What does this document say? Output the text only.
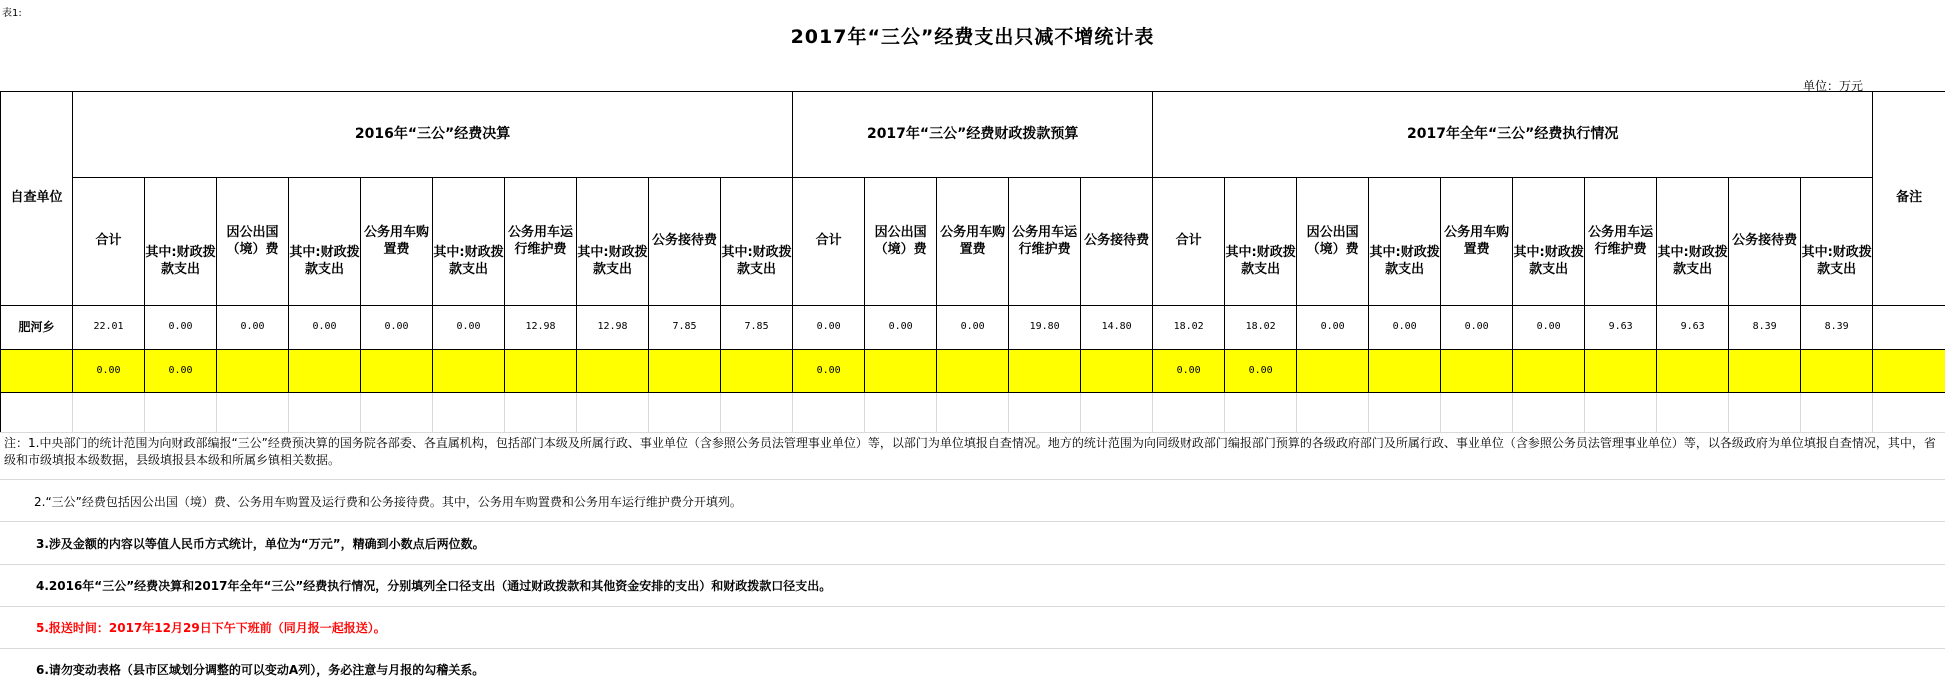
表1:
2017年“三公”经费支出只减不增统计表
单位：万元
自查单位	2016年“三公”经费决算										2017年“三公”经费财政拨款预算					2017年全年“三公”经费执行情况										备注
	合计	其中:财政拨款支出	因公出国（境）费	其中:财政拨款支出	公务用车购置费	其中:财政拨款支出	公务用车运行维护费	其中:财政拨款支出	公务接待费	其中:财政拨款支出	合计	因公出国（境）费	公务用车购置费	公务用车运行维护费	公务接待费	合计	其中:财政拨款支出	因公出国（境）费	其中:财政拨款支出	公务用车购置费	其中:财政拨款支出	公务用车运行维护费	其中:财政拨款支出	公务接待费	其中:财政拨款支出	
肥河乡	22.01	0.00	0.00	0.00	0.00	0.00	12.98	12.98	7.85	7.85	0.00	0.00	0.00	19.80	14.80	18.02	18.02	0.00	0.00	0.00	0.00	9.63	9.63	8.39	8.39	
	0.00	0.00									0.00					0.00	0.00									

注：1.中央部门的统计范围为向财政部编报“三公”经费预决算的国务院各部委、各直属机构，包括部门本级及所属行政、事业单位（含参照公务员法管理事业单位）等，以部门为单位填报自查情况。地方的统计范围为向同级财政部门编报部门预算的各级政府部门及所属行政、事业单位（含参照公务员法管理事业单位）等，以各级政府为单位填报自查情况，其中，省级和市级填报本级数据，县级填报县本级和所属乡镇相关数据。
2.“三公”经费包括因公出国（境）费、公务用车购置及运行费和公务接待费。其中，公务用车购置费和公务用车运行维护费分开填列。
3.涉及金额的内容以等值人民币方式统计，单位为“万元”，精确到小数点后两位数。
4.2016年“三公”经费决算和2017年全年“三公”经费执行情况，分别填列全口径支出（通过财政拨款和其他资金安排的支出）和财政拨款口径支出。
5.报送时间：2017年12月29日下午下班前（同月报一起报送）。
6.请勿变动表格（县市区域划分调整的可以变动A列），务必注意与月报的勾稽关系。
